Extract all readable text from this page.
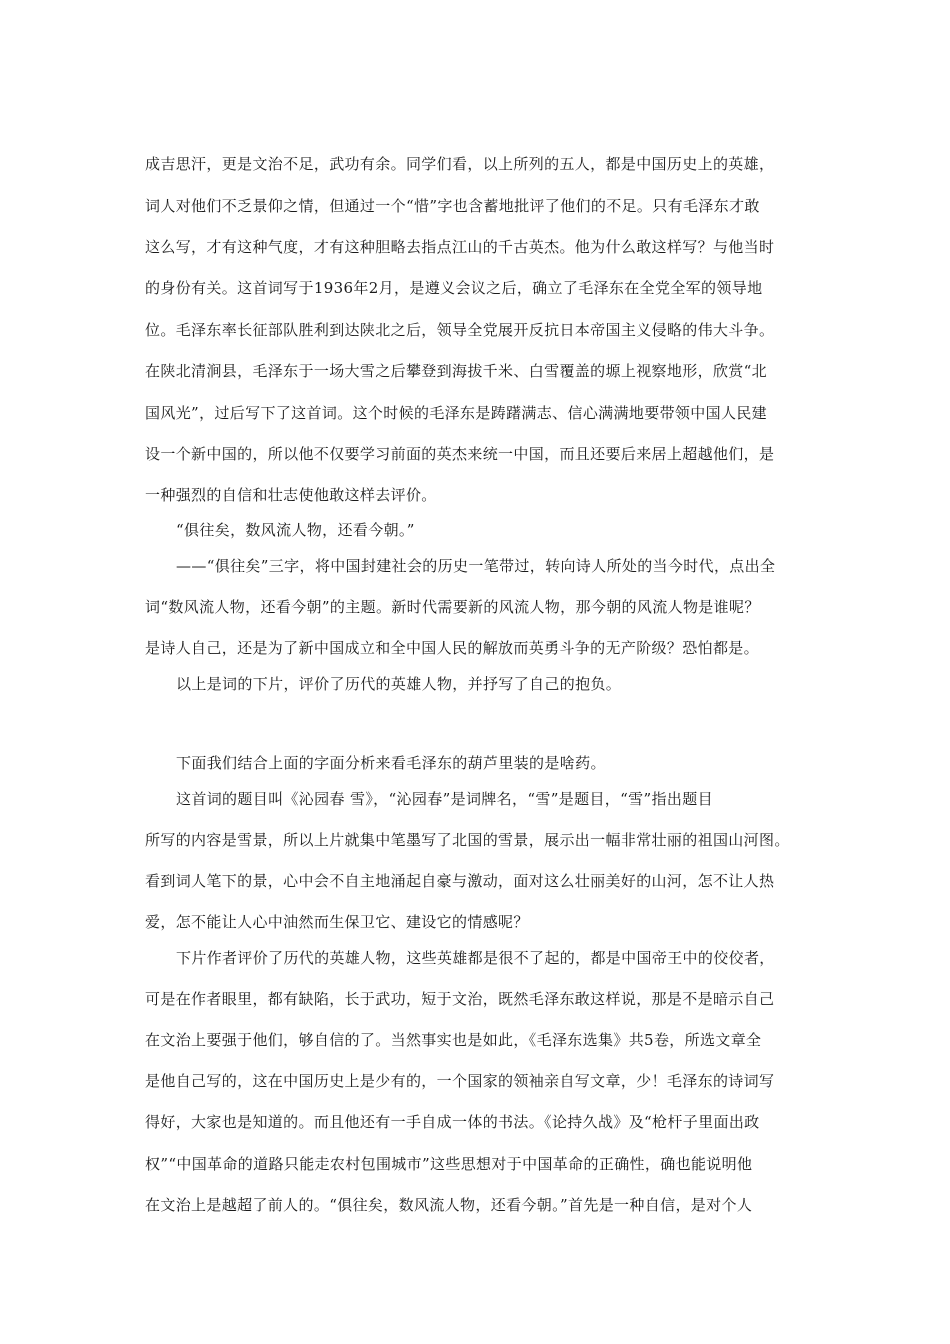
成吉思汗，更是文治不足，武功有余。同学们看，以上所列的五人，都是中国历史上的英雄，
词人对他们不乏景仰之情，但通过一个“惜”字也含蓄地批评了他们的不足。只有毛泽东才敢
这么写，才有这种气度，才有这种胆略去指点江山的千古英杰。他为什么敢这样写？与他当时
的身份有关。这首词写于1936年2月，是遵义会议之后，确立了毛泽东在全党全军的领导地
位。毛泽东率长征部队胜利到达陕北之后，领导全党展开反抗日本帝国主义侵略的伟大斗争。
在陕北清涧县，毛泽东于一场大雪之后攀登到海拔千米、白雪覆盖的塬上视察地形，欣赏“北
国风光”，过后写下了这首词。这个时候的毛泽东是踌躇满志、信心满满地要带领中国人民建
设一个新中国的，所以他不仅要学习前面的英杰来统一中国，而且还要后来居上超越他们，是
一种强烈的自信和壮志使他敢这样去评价。
“俱往矣，数风流人物，还看今朝。”
——“俱往矣”三字，将中国封建社会的历史一笔带过，转向诗人所处的当今时代，点出全
词“数风流人物，还看今朝”的主题。新时代需要新的风流人物，那今朝的风流人物是谁呢？
是诗人自己，还是为了新中国成立和全中国人民的解放而英勇斗争的无产阶级？恐怕都是。
以上是词的下片，评价了历代的英雄人物，并抒写了自己的抱负。
下面我们结合上面的字面分析来看毛泽东的葫芦里装的是啥药。
这首词的题目叫《沁园春 雪》，“沁园春”是词牌名，“雪”是题目，“雪”指出题目
所写的内容是雪景，所以上片就集中笔墨写了北国的雪景，展示出一幅非常壮丽的祖国山河图。
看到词人笔下的景，心中会不自主地涌起自豪与激动，面对这么壮丽美好的山河，怎不让人热
爱，怎不能让人心中油然而生保卫它、建设它的情感呢？
下片作者评价了历代的英雄人物，这些英雄都是很不了起的，都是中国帝王中的佼佼者，
可是在作者眼里，都有缺陷，长于武功，短于文治，既然毛泽东敢这样说，那是不是暗示自己
在文治上要强于他们，够自信的了。当然事实也是如此，《毛泽东选集》共5卷，所选文章全
是他自己写的，这在中国历史上是少有的，一个国家的领袖亲自写文章，少！毛泽东的诗词写
得好，大家也是知道的。而且他还有一手自成一体的书法。《论持久战》及“枪杆子里面出政
权”“中国革命的道路只能走农村包围城市”这些思想对于中国革命的正确性，确也能说明他
在文治上是越超了前人的。“俱往矣，数风流人物，还看今朝。”首先是一种自信，是对个人
